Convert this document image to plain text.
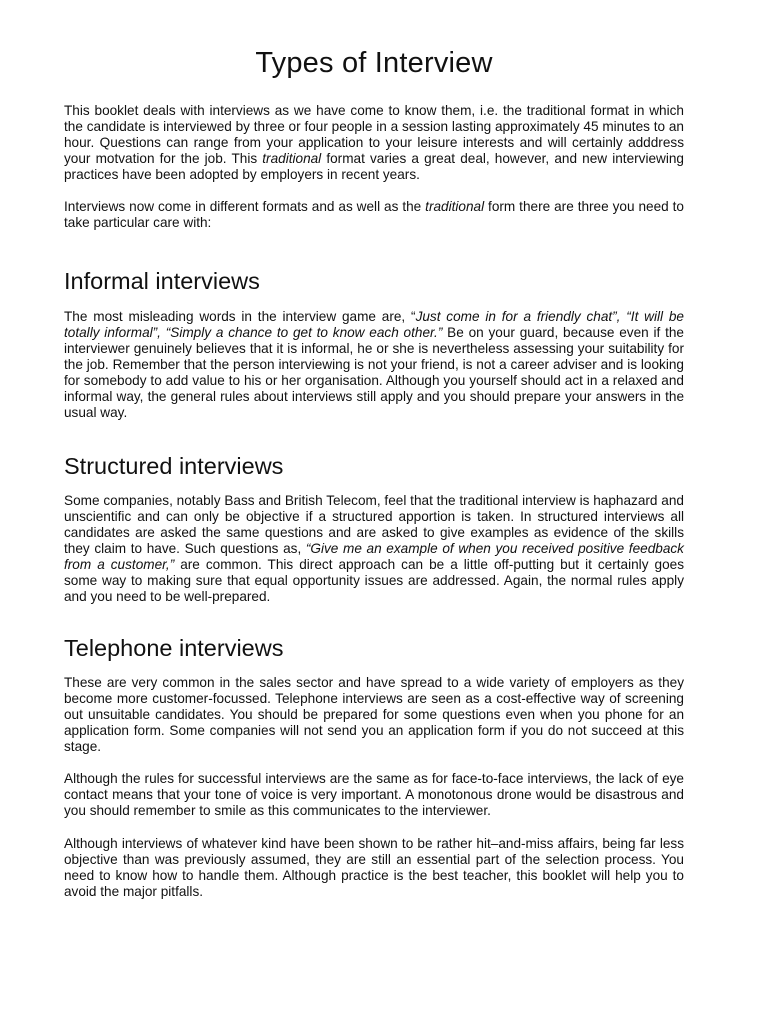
Types of Interview

This booklet deals with interviews as we have come to know them, i.e. the traditional format in which the candidate is interviewed by three or four people in a session lasting approximately 45 minutes to an hour. Questions can range from your application to your leisure interests and will certainly adddress your motvation for the job. This traditional format varies a great deal, however, and new interviewing practices have been adopted by employers in recent years.

Interviews now come in different formats and as well as the traditional form there are three you need to take particular care with:

Informal interviews

The most misleading words in the interview game are, “Just come in for a friendly chat”, “It will be totally informal”, “Simply a chance to get to know each other.” Be on your guard, because even if the interviewer genuinely believes that it is informal, he or she is nevertheless assessing your suitability for the job. Remember that the person interviewing is not your friend, is not a career adviser and is looking for somebody to add value to his or her organisation. Although you yourself should act in a relaxed and informal way, the general rules about interviews still apply and you should prepare your answers in the usual way.

Structured interviews

Some companies, notably Bass and British Telecom, feel that the traditional interview is haphazard and unscientific and can only be objective if a structured apportion is taken. In structured interviews all candidates are asked the same questions and are asked to give examples as evidence of the skills they claim to have. Such questions as, “Give me an example of when you received positive feedback from a customer,” are common. This direct approach can be a little off-putting but it certainly goes some way to making sure that equal opportunity issues are addressed. Again, the normal rules apply and you need to be well-prepared.

Telephone interviews

These are very common in the sales sector and have spread to a wide variety of employers as they become more customer-focussed. Telephone interviews are seen as a cost-effective way of screening out unsuitable candidates. You should be prepared for some questions even when you phone for an application form. Some companies will not send you an application form if you do not succeed at this stage.

Although the rules for successful interviews are the same as for face-to-face interviews, the lack of eye contact means that your tone of voice is very important. A monotonous drone would be disastrous and you should remember to smile as this communicates to the interviewer.

Although interviews of whatever kind have been shown to be rather hit–and-miss affairs, being far less objective than was previously assumed, they are still an essential part of the selection process. You need to know how to handle them. Although practice is the best teacher, this booklet will help you to avoid the major pitfalls.
